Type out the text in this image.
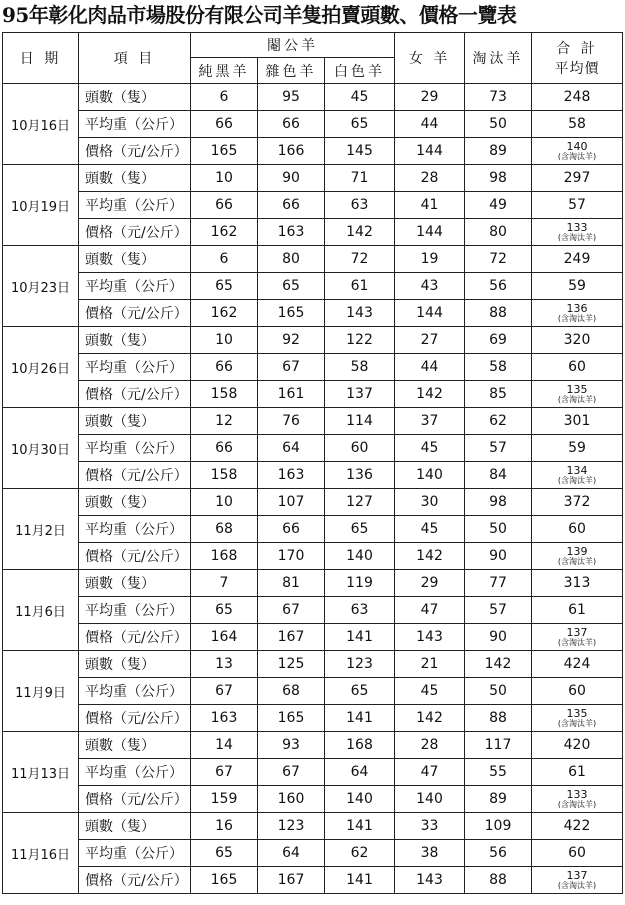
95年彰化肉品市場股份有限公司羊隻拍賣頭數、價格一覽表
日 期	項 目	閹公羊			女 羊	淘汰羊	合 計
平均價

		純黑羊	雜色羊	白色羊			
10月16日	頭數（隻）	6	95	45	29	73	248
	平均重（公斤）	66	66	65	44	50	58
	價格（元/公斤）	165	166	145	144	89	140
(含淘汰羊)

10月19日	頭數（隻）	10	90	71	28	98	297
	平均重（公斤）	66	66	63	41	49	57
	價格（元/公斤）	162	163	142	144	80	133
(含淘汰羊)

10月23日	頭數（隻）	6	80	72	19	72	249
	平均重（公斤）	65	65	61	43	56	59
	價格（元/公斤）	162	165	143	144	88	136
(含淘汰羊)

10月26日	頭數（隻）	10	92	122	27	69	320
	平均重（公斤）	66	67	58	44	58	60
	價格（元/公斤）	158	161	137	142	85	135
(含淘汰羊)

10月30日	頭數（隻）	12	76	114	37	62	301
	平均重（公斤）	66	64	60	45	57	59
	價格（元/公斤）	158	163	136	140	84	134
(含淘汰羊)

11月2日	頭數（隻）	10	107	127	30	98	372
	平均重（公斤）	68	66	65	45	50	60
	價格（元/公斤）	168	170	140	142	90	139
(含淘汰羊)

11月6日	頭數（隻）	7	81	119	29	77	313
	平均重（公斤）	65	67	63	47	57	61
	價格（元/公斤）	164	167	141	143	90	137
(含淘汰羊)

11月9日	頭數（隻）	13	125	123	21	142	424
	平均重（公斤）	67	68	65	45	50	60
	價格（元/公斤）	163	165	141	142	88	135
(含淘汰羊)

11月13日	頭數（隻）	14	93	168	28	117	420
	平均重（公斤）	67	67	64	47	55	61
	價格（元/公斤）	159	160	140	140	89	133
(含淘汰羊)

11月16日	頭數（隻）	16	123	141	33	109	422
	平均重（公斤）	65	64	62	38	56	60
	價格（元/公斤）	165	167	141	143	88	137
(含淘汰羊)
